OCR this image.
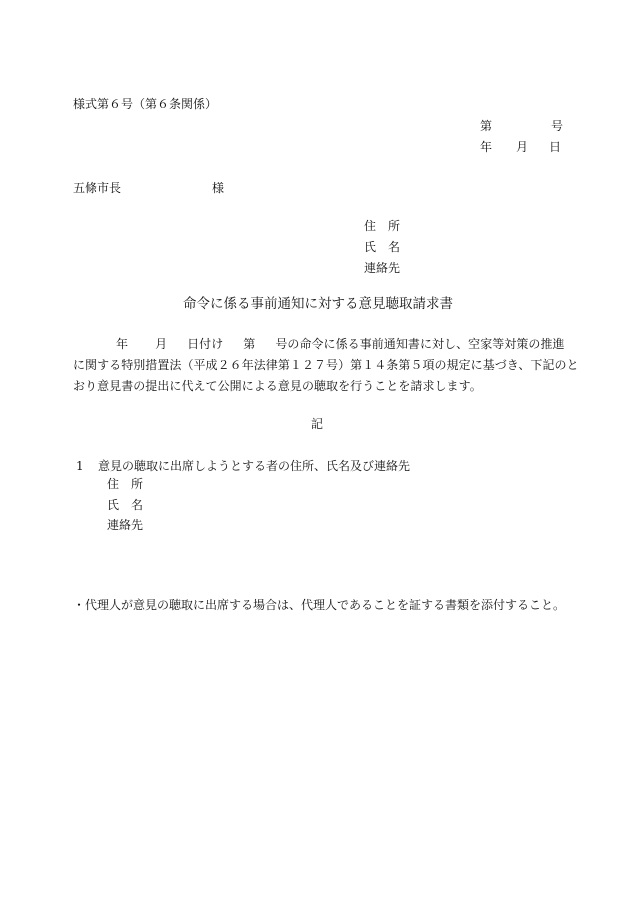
様式第６号（第６条関係）
第	号
年 月 日
五條市長	様
住　所
氏　名
連絡先
命令に係る事前通知に対する意見聴取請求書
年 月 日付け 第 号の命令に係る事前通知書に対し、空家等対策の推進
に関する特別措置法（平成２６年法律第１２７号）第１４条第５項の規定に基づき、下記のと
おり意見書の提出に代えて公開による意見の聴取を行うことを請求します。
記
1 意見の聴取に出席しようとする者の住所、氏名及び連絡先
住　所
氏　名
連絡先
・代理人が意見の聴取に出席する場合は、代理人であることを証する書類を添付すること。
